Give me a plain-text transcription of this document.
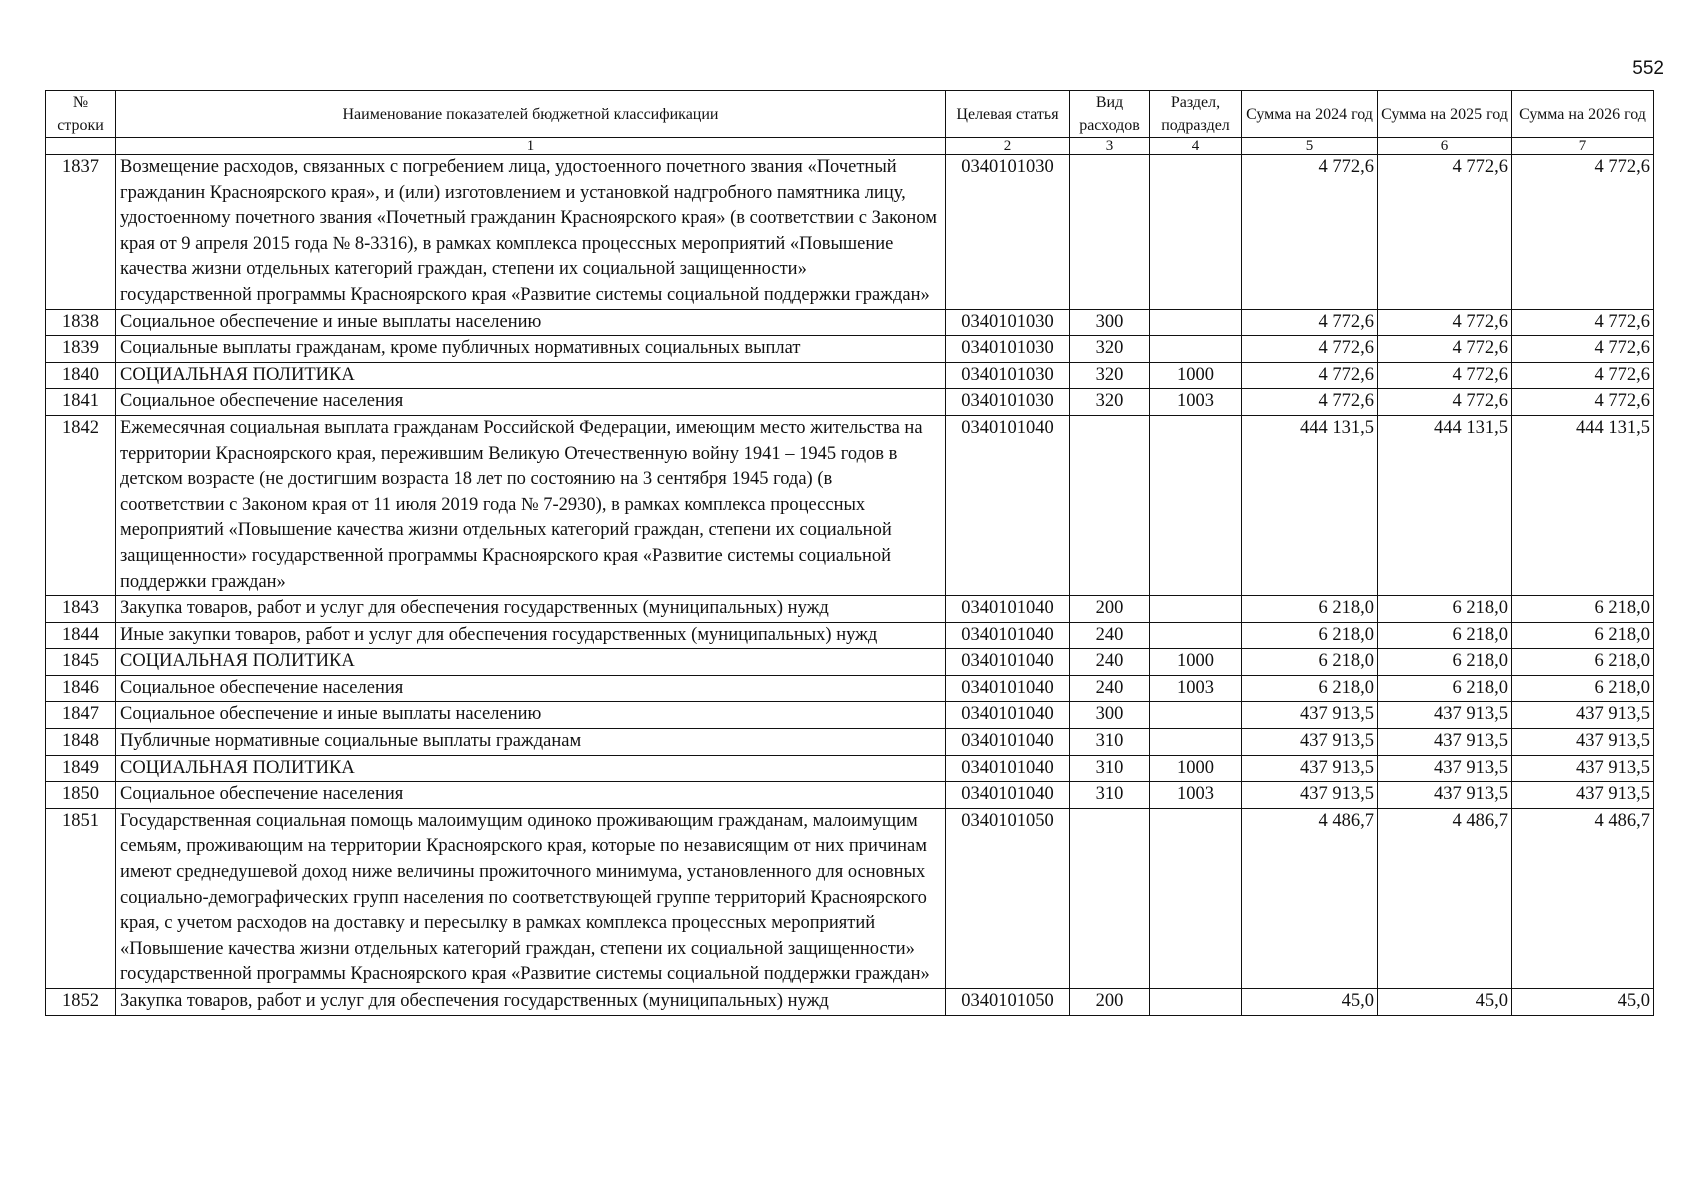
552
№ строки	Наименование показателей бюджетной классификации	Целевая статья	Вид расходов	Раздел, подраздел	Сумма на 2024 год	Сумма на 2025 год	Сумма на 2026 год
	1	2	3	4	5	6	7
1837	Возмещение расходов, связанных с погребением лица, удостоенного почетного звания «Почетный гражданин Красноярского края», и (или) изготовлением и установкой надгробного памятника лицу, удостоенному почетного звания «Почетный гражданин Красноярского края» (в соответствии с Законом края от 9 апреля 2015 года № 8-3316), в рамках комплекса процессных мероприятий «Повышение качества жизни отдельных категорий граждан, степени их социальной защищенности» государственной программы Красноярского края «Развитие системы социальной поддержки граждан»	0340101030			4 772,6	4 772,6	4 772,6
1838	Социальное обеспечение и иные выплаты населению	0340101030	300		4 772,6	4 772,6	4 772,6
1839	Социальные выплаты гражданам, кроме публичных нормативных социальных выплат	0340101030	320		4 772,6	4 772,6	4 772,6
1840	СОЦИАЛЬНАЯ ПОЛИТИКА	0340101030	320	1000	4 772,6	4 772,6	4 772,6
1841	Социальное обеспечение населения	0340101030	320	1003	4 772,6	4 772,6	4 772,6
1842	Ежемесячная социальная выплата гражданам Российской Федерации, имеющим место жительства на территории Красноярского края, пережившим Великую Отечественную войну 1941 – 1945 годов в детском возрасте (не достигшим возраста 18 лет по состоянию на 3 сентября 1945 года) (в соответствии с Законом края от 11 июля 2019 года № 7-2930), в рамках комплекса процессных мероприятий «Повышение качества жизни отдельных категорий граждан, степени их социальной защищенности» государственной программы Красноярского края «Развитие системы социальной поддержки граждан»	0340101040			444 131,5	444 131,5	444 131,5
1843	Закупка товаров, работ и услуг для обеспечения государственных (муниципальных) нужд	0340101040	200		6 218,0	6 218,0	6 218,0
1844	Иные закупки товаров, работ и услуг для обеспечения государственных (муниципальных) нужд	0340101040	240		6 218,0	6 218,0	6 218,0
1845	СОЦИАЛЬНАЯ ПОЛИТИКА	0340101040	240	1000	6 218,0	6 218,0	6 218,0
1846	Социальное обеспечение населения	0340101040	240	1003	6 218,0	6 218,0	6 218,0
1847	Социальное обеспечение и иные выплаты населению	0340101040	300		437 913,5	437 913,5	437 913,5
1848	Публичные нормативные социальные выплаты гражданам	0340101040	310		437 913,5	437 913,5	437 913,5
1849	СОЦИАЛЬНАЯ ПОЛИТИКА	0340101040	310	1000	437 913,5	437 913,5	437 913,5
1850	Социальное обеспечение населения	0340101040	310	1003	437 913,5	437 913,5	437 913,5
1851	Государственная социальная помощь малоимущим одиноко проживающим гражданам, малоимущим семьям, проживающим на территории Красноярского края, которые по независящим от них причинам имеют среднедушевой доход ниже величины прожиточного минимума, установленного для основных социально-демографических групп населения по соответствующей группе территорий Красноярского края, с учетом расходов на доставку и пересылку в рамках комплекса процессных мероприятий «Повышение качества жизни отдельных категорий граждан, степени их социальной защищенности» государственной программы Красноярского края «Развитие системы социальной поддержки граждан»	0340101050			4 486,7	4 486,7	4 486,7
1852	Закупка товаров, работ и услуг для обеспечения государственных (муниципальных) нужд	0340101050	200		45,0	45,0	45,0
